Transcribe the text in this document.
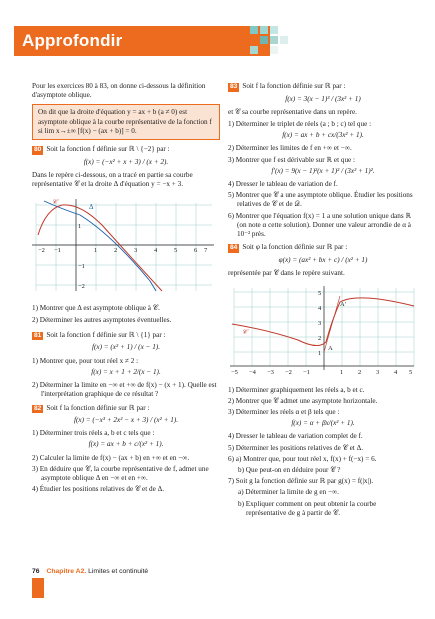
Approfondir

Pour les exercices 80 à 83, on donne ci-dessous la définition d'asymptote oblique.

On dit que la droite d'équation y = ax + b (a ≠ 0) est asymptote oblique à la courbe représentative de la fonction f si lim x→±∞ [f(x) − (ax + b)] = 0.

80 Soit la fonction f définie sur ℝ \ {−2} par :

f(x) = (−x² + x + 3) / (x + 2).

Dans le repère ci-dessous, on a tracé en partie sa courbe représentative 𝒞 et la droite Δ d'équation y = −x + 3.

𝒞
Δ
−2 −1	1	2	3	4	5	6 7
1
−1
−2

1) Montrer que Δ est asymptote oblique à 𝒞.

2) Déterminer les autres asymptotes éventuelles.

81 Soit la fonction f définie sur ℝ \ {1} par :

f(x) = (x² + 1) / (x − 1).

1) Montrer que, pour tout réel x ≠ 2 :

f(x) = x + 1 + 2/(x − 1).

2) Déterminer la limite en −∞ et +∞ de f(x) − (x + 1). Quelle est l'interprétation graphique de ce résultat ?

82 Soit f la fonction définie sur ℝ par :

f(x) = (−x³ + 2x² − x + 3) / (x² + 1).

1) Déterminer trois réels a, b et c tels que :

f(x) = ax + b + c/(x² + 1).

2) Calculer la limite de f(x) − (ax + b) en +∞ et en −∞.

3) En déduire que 𝒞, la courbe représentative de f, admet une asymptote oblique Δ en −∞ et en +∞.

4) Étudier les positions relatives de 𝒞 et de Δ.

83 Soit f la fonction définie sur ℝ par :

f(x) = 3(x − 1)³ / (3x² + 1)

et 𝒞 sa courbe représentative dans un repère.

1) Déterminer le triplet de réels (a ; b ; c) tel que :

f(x) = ax + b + cx/(3x² + 1).

2) Déterminer les limites de f en +∞ et −∞.

3) Montrer que f est dérivable sur ℝ et que :

f′(x) = 9(x − 1)²(x + 1)² / (3x² + 1)².

4) Dresser le tableau de variation de f.

5) Montrer que 𝒞 a une asymptote oblique. Étudier les positions relatives de 𝒞 et de 𝒟.

6) Montrer que l'équation f(x) = 1 a une solution unique dans ℝ (on note α cette solution). Donner une valeur arrondie de α à 10⁻² près.

84 Soit φ la fonction définie sur ℝ par :

φ(x) = (ax² + bx + c) / (x² + 1)

représentée par 𝒞 dans le repère suivant.

𝒞
A
A′
−5 −4 −3 −2 −1	1 2 3 4 5
5
4
3
2
1

1) Déterminer graphiquement les réels a, b et c.

2) Montrer que 𝒞 admet une asymptote horizontale.

3) Déterminer les réels α et β tels que :

f(x) = α + βx/(x² + 1).

4) Dresser le tableau de variation complet de f.

5) Déterminer les positions relatives de 𝒞 et Δ.

6) a) Montrer que, pour tout réel x, f(x) + f(−x) = 6.

b) Que peut-on en déduire pour 𝒞 ?

7) Soit g la fonction définie sur ℝ par g(x) = f(|x|).

a) Déterminer la limite de g en −∞.

b) Expliquer comment on peut obtenir la courbe représentative de g à partir de 𝒞.

76 Chapitre A2. Limites et continuité
